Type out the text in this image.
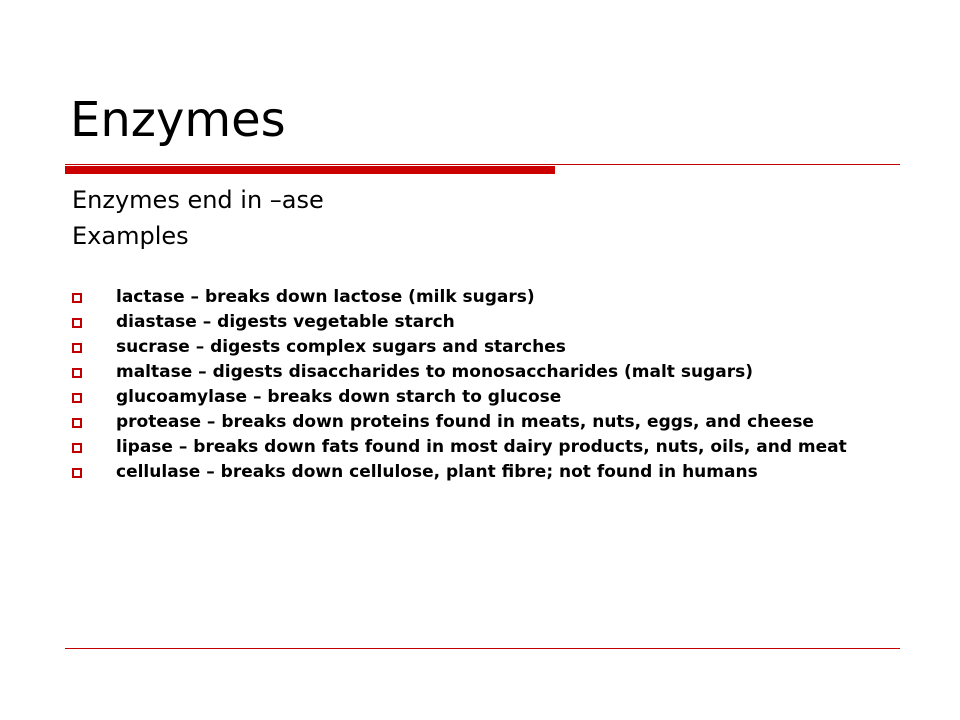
Enzymes
Enzymes end in –ase
Examples
lactase – breaks down lactose (milk sugars)
diastase – digests vegetable starch
sucrase – digests complex sugars and starches
maltase – digests disaccharides to monosaccharides (malt sugars)
glucoamylase – breaks down starch to glucose
protease – breaks down proteins found in meats, nuts, eggs, and cheese
lipase – breaks down fats found in most dairy products, nuts, oils, and meat
cellulase – breaks down cellulose, plant fibre; not found in humans
